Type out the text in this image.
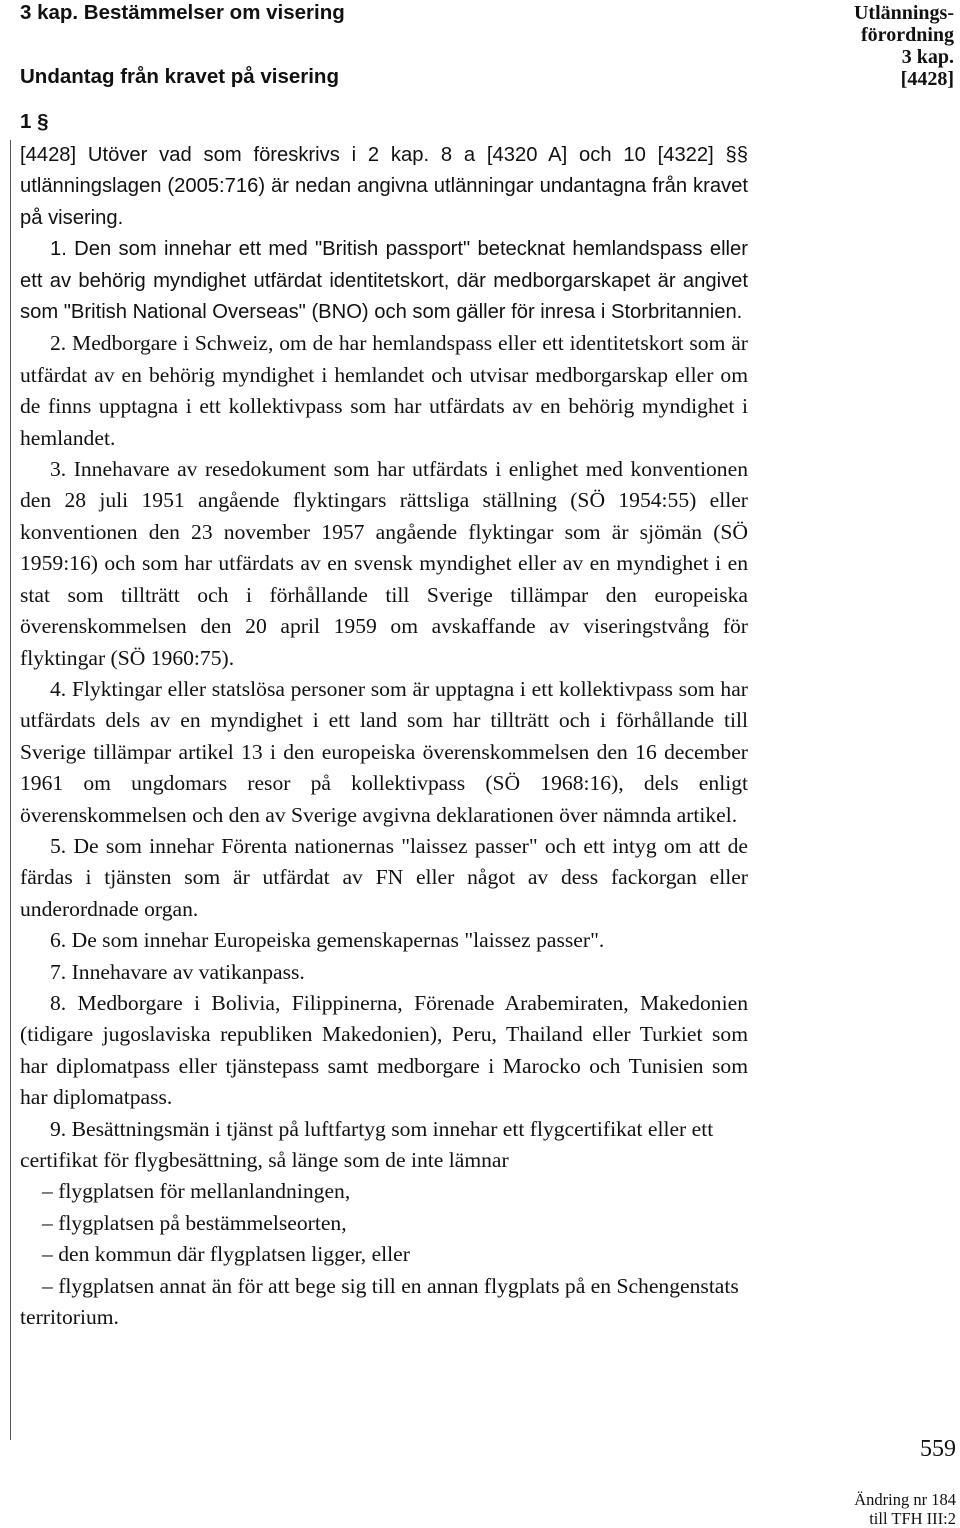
3 kap. Bestämmelser om visering
Undantag från kravet på visering
Utlännings-
förordning
3 kap.
[4428]
1 §

[4428] Utöver vad som föreskrivs i 2 kap. 8 a [4320 A] och 10 [4322] §§ utlänningslagen (2005:716) är nedan angivna utlänningar undantagna från kravet på visering.

1. Den som innehar ett med "British passport" betecknat hemlandspass eller ett av behörig myndighet utfärdat identitetskort, där medborgarskapet är angivet som "British National Overseas" (BNO) och som gäller för inresa i Storbritannien.

2. Medborgare i Schweiz, om de har hemlandspass eller ett identitetskort som är utfärdat av en behörig myndighet i hemlandet och utvisar medborgarskap eller om de finns upptagna i ett kollektivpass som har utfärdats av en behörig myndighet i hemlandet.

3. Innehavare av resedokument som har utfärdats i enlighet med konventionen den 28 juli 1951 angående flyktingars rättsliga ställning (SÖ 1954:55) eller konventionen den 23 november 1957 angående flyktingar som är sjömän (SÖ 1959:16) och som har utfärdats av en svensk myndighet eller av en myndighet i en stat som tillträtt och i förhållande till Sverige tillämpar den europeiska överenskommelsen den 20 april 1959 om avskaffande av viseringstvång för flyktingar (SÖ 1960:75).

4. Flyktingar eller statslösa personer som är upptagna i ett kollektivpass som har utfärdats dels av en myndighet i ett land som har tillträtt och i förhållande till Sverige tillämpar artikel 13 i den europeiska överenskommelsen den 16 december 1961 om ungdomars resor på kollektivpass (SÖ 1968:16), dels enligt överenskommelsen och den av Sverige avgivna deklarationen över nämnda artikel.

5. De som innehar Förenta nationernas "laissez passer" och ett intyg om att de färdas i tjänsten som är utfärdat av FN eller något av dess fackorgan eller underordnade organ.

6. De som innehar Europeiska gemenskapernas "laissez passer".

7. Innehavare av vatikanpass.

8. Medborgare i Bolivia, Filippinerna, Förenade Arabemiraten, Makedonien (tidigare jugoslaviska republiken Makedonien), Peru, Thailand eller Turkiet som har diplomatpass eller tjänstepass samt medborgare i Marocko och Tunisien som har diplomatpass.

9. Besättningsmän i tjänst på luftfartyg som innehar ett flygcertifikat eller ett certifikat för flygbesättning, så länge som de inte lämnar

– flygplatsen för mellanlandningen,

– flygplatsen på bestämmelseorten,

– den kommun där flygplatsen ligger, eller

– flygplatsen annat än för att bege sig till en annan flygplats på en Schengenstats territorium.

559
Ändring nr 184
till TFH III:2
